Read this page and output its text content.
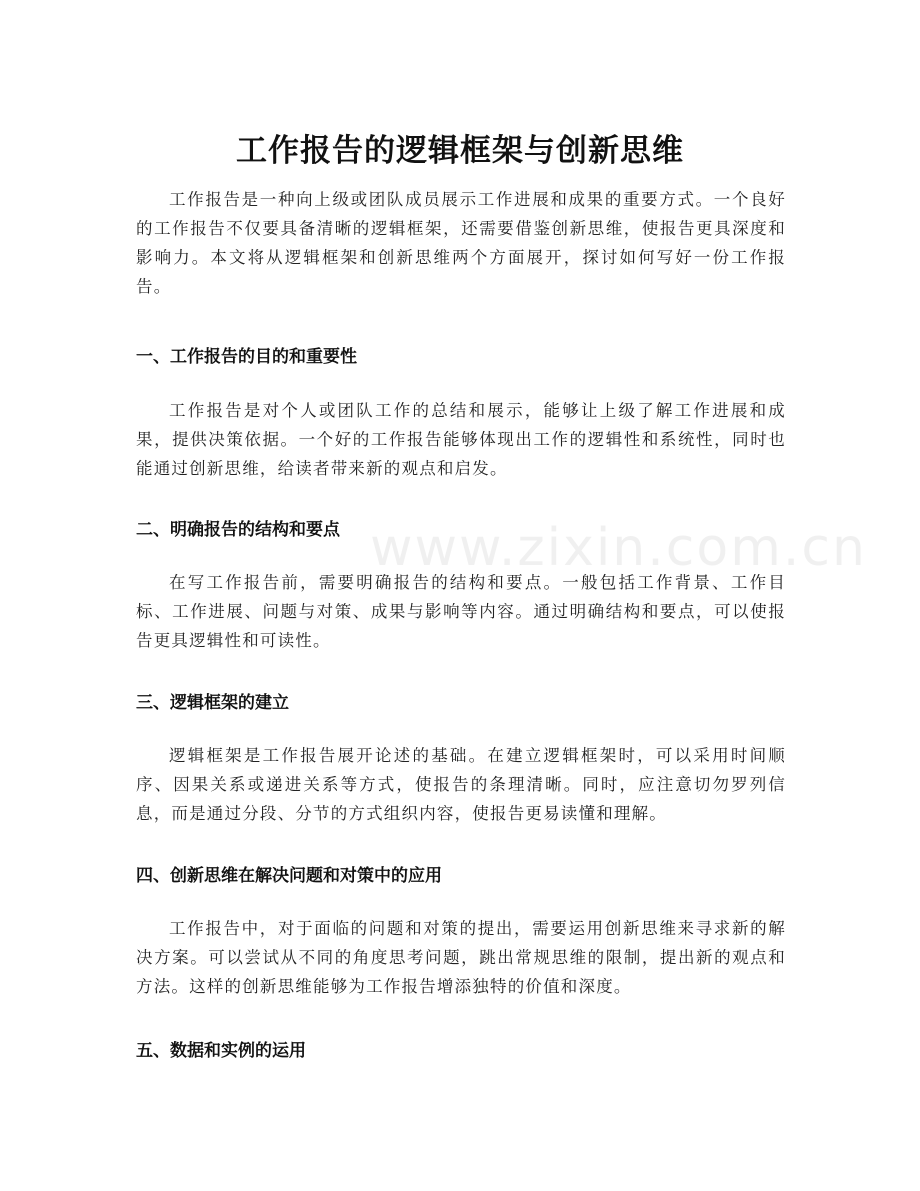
www.zixin.com.cn
工作报告的逻辑框架与创新思维

工作报告是一种向上级或团队成员展示工作进展和成果的重要方式。一个良好的工作报告不仅要具备清晰的逻辑框架，还需要借鉴创新思维，使报告更具深度和影响力。本文将从逻辑框架和创新思维两个方面展开，探讨如何写好一份工作报告。

一、工作报告的目的和重要性

工作报告是对个人或团队工作的总结和展示，能够让上级了解工作进展和成果，提供决策依据。一个好的工作报告能够体现出工作的逻辑性和系统性，同时也能通过创新思维，给读者带来新的观点和启发。

二、明确报告的结构和要点

在写工作报告前，需要明确报告的结构和要点。一般包括工作背景、工作目标、工作进展、问题与对策、成果与影响等内容。通过明确结构和要点，可以使报告更具逻辑性和可读性。

三、逻辑框架的建立

逻辑框架是工作报告展开论述的基础。在建立逻辑框架时，可以采用时间顺序、因果关系或递进关系等方式，使报告的条理清晰。同时，应注意切勿罗列信息，而是通过分段、分节的方式组织内容，使报告更易读懂和理解。

四、创新思维在解决问题和对策中的应用

工作报告中，对于面临的问题和对策的提出，需要运用创新思维来寻求新的解决方案。可以尝试从不同的角度思考问题，跳出常规思维的限制，提出新的观点和方法。这样的创新思维能够为工作报告增添独特的价值和深度。

五、数据和实例的运用
